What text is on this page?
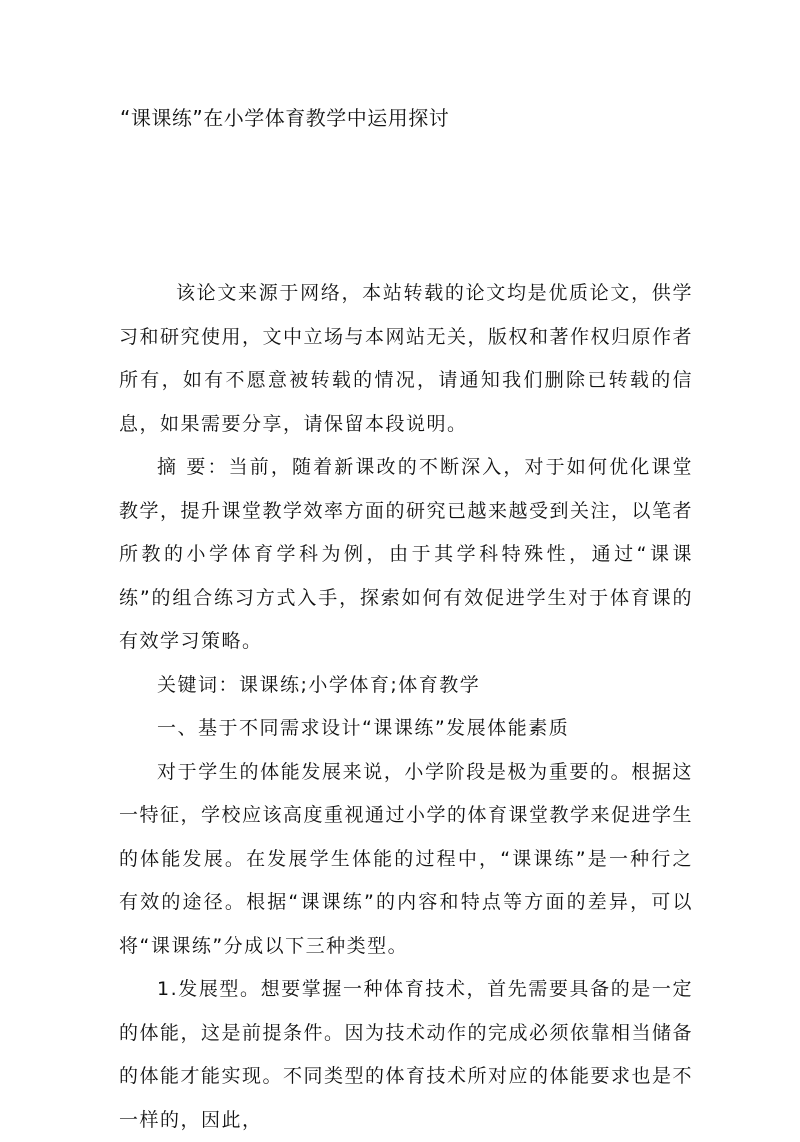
“课课练”在小学体育教学中运用探讨

该论文来源于网络，本站转载的论文均是优质论文，供学习和研究使用，文中立场与本网站无关，版权和著作权归原作者所有，如有不愿意被转载的情况，请通知我们删除已转载的信息，如果需要分享，请保留本段说明。

摘 要：当前，随着新课改的不断深入，对于如何优化课堂教学，提升课堂教学效率方面的研究已越来越受到关注，以笔者所教的小学体育学科为例，由于其学科特殊性，通过“课课练”的组合练习方式入手，探索如何有效促进学生对于体育课的有效学习策略。

关键词：课课练;小学体育;体育教学

一、基于不同需求设计“课课练”发展体能素质

对于学生的体能发展来说，小学阶段是极为重要的。根据这一特征，学校应该高度重视通过小学的体育课堂教学来促进学生的体能发展。在发展学生体能的过程中，“课课练”是一种行之有效的途径。根据“课课练”的内容和特点等方面的差异，可以将“课课练”分成以下三种类型。

1.发展型。想要掌握一种体育技术，首先需要具备的是一定的体能，这是前提条件。因为技术动作的完成必须依靠相当储备的体能才能实现。不同类型的体育技术所对应的体能要求也是不一样的，因此，
